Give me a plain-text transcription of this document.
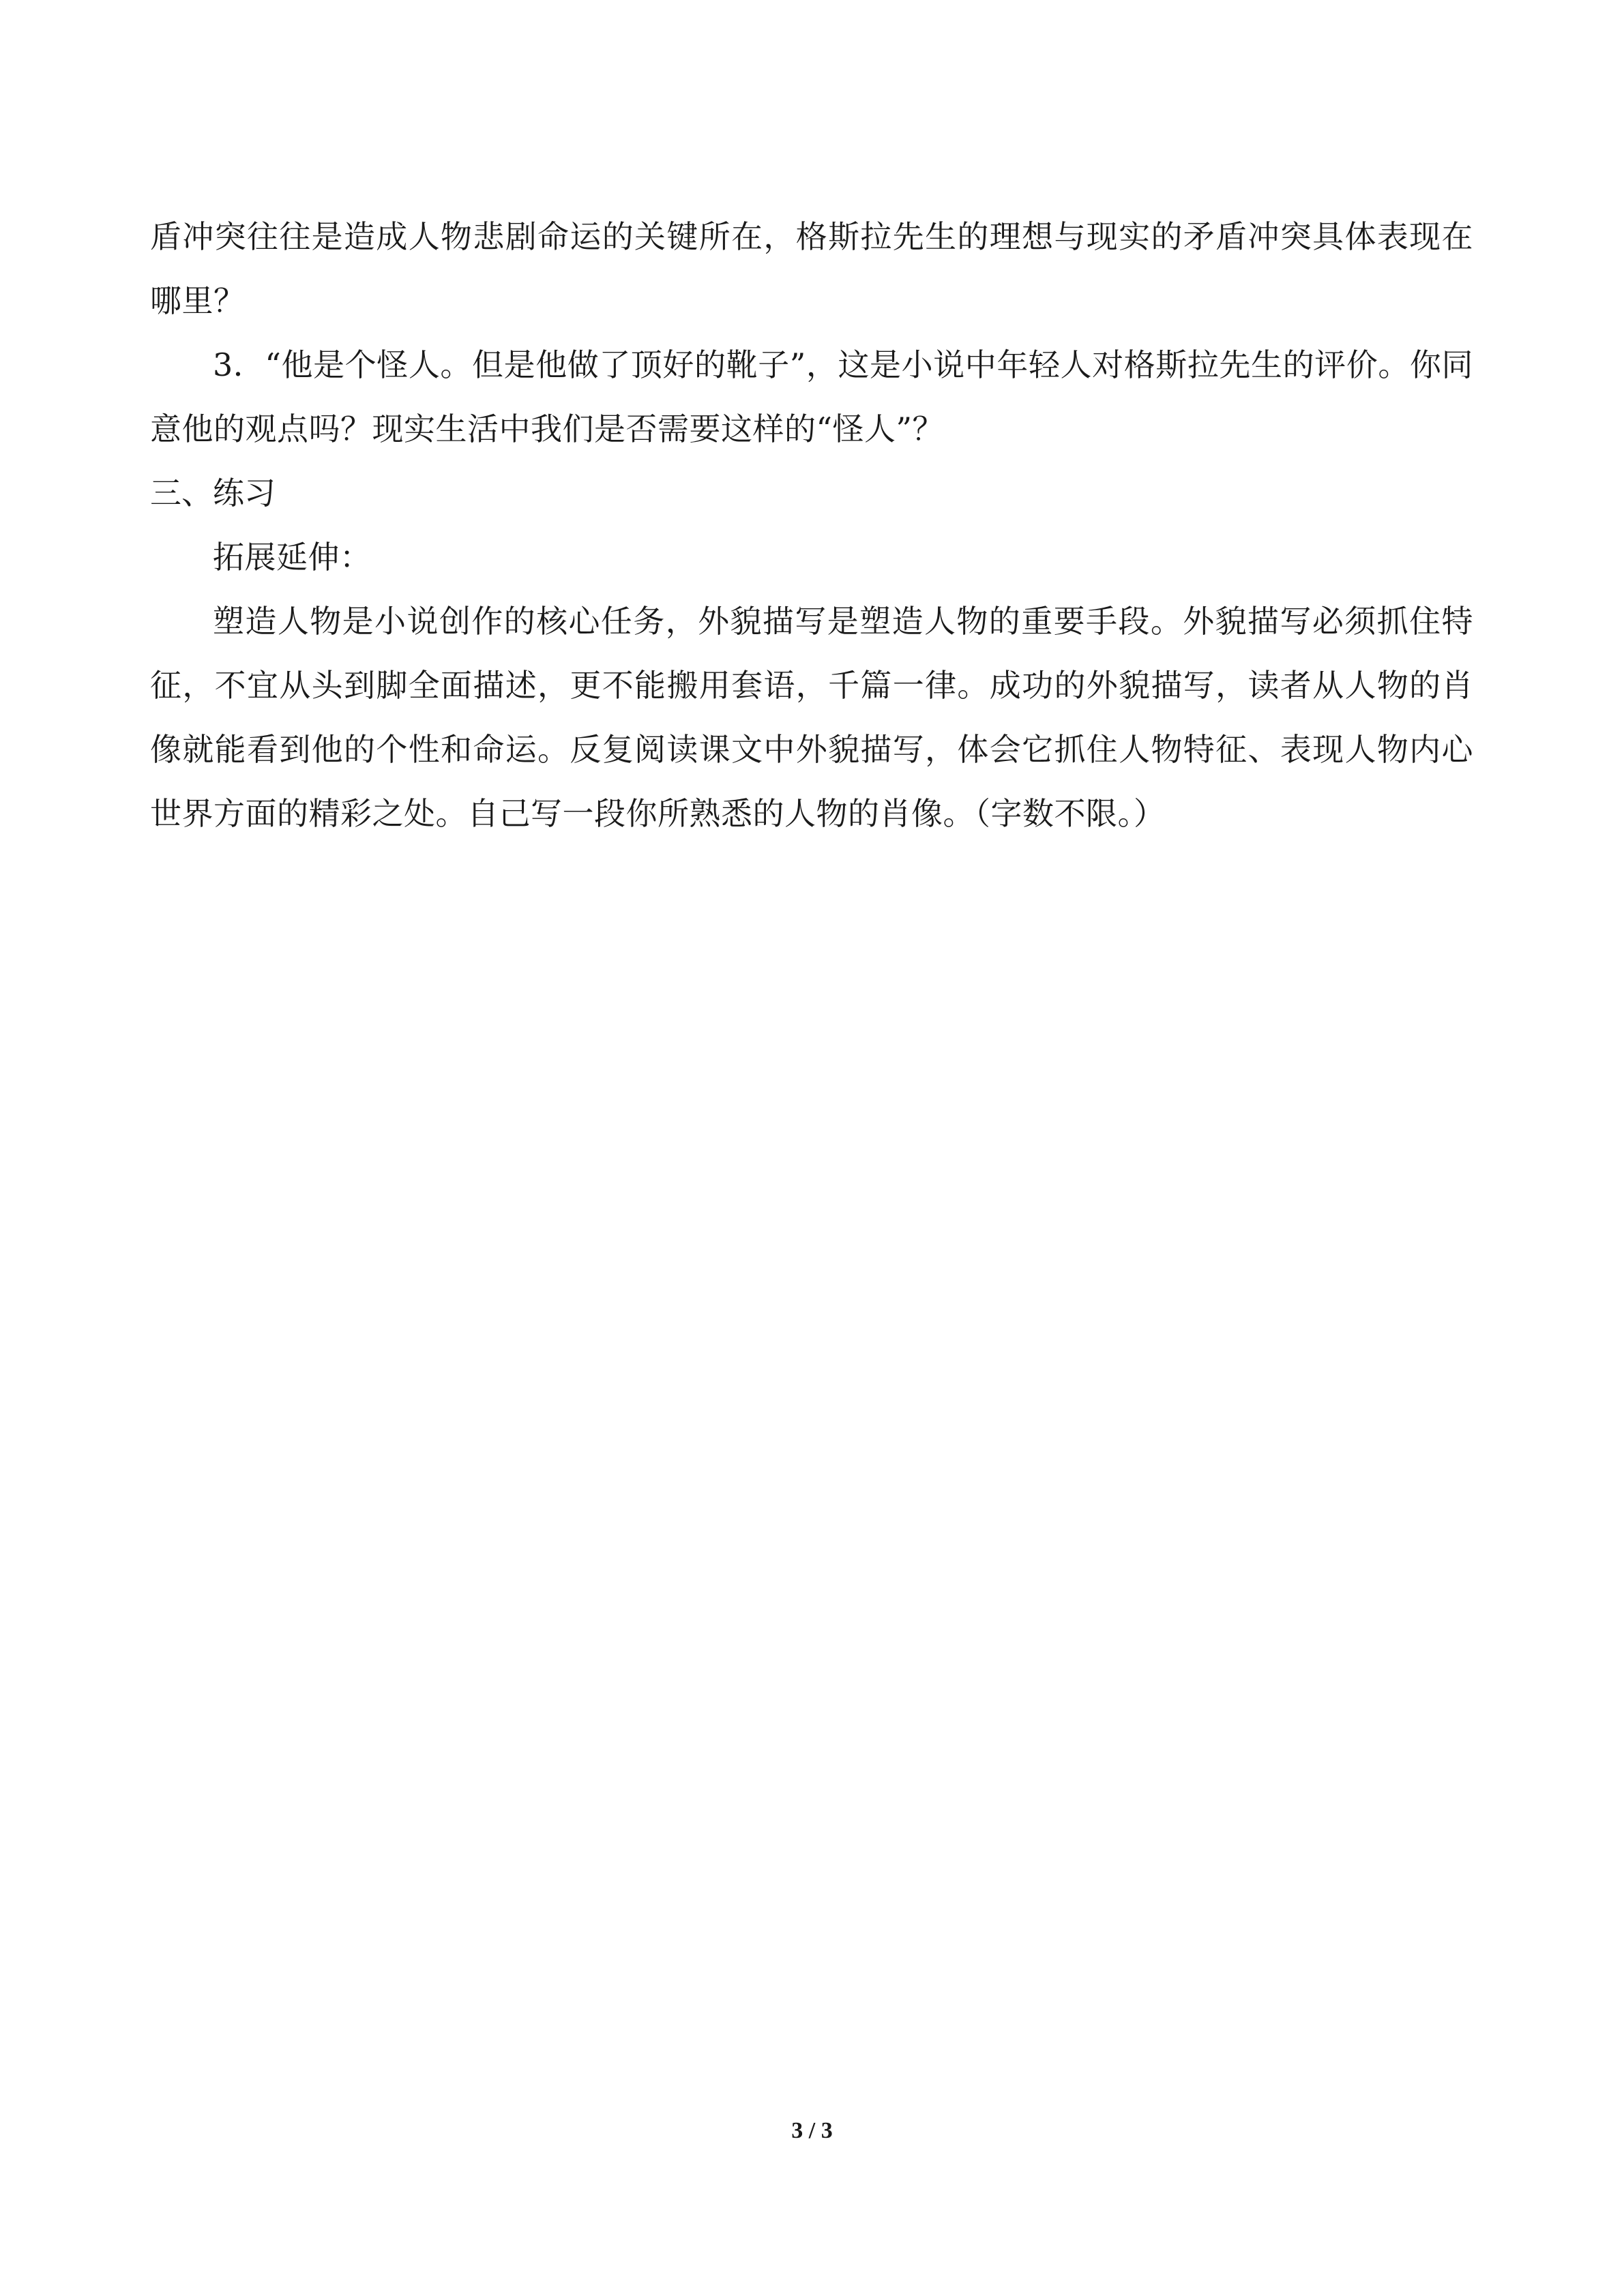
盾冲突往往是造成人物悲剧命运的关键所在，格斯拉先生的理想与现实的矛盾冲突具体表现在哪里？

3．“他是个怪人。但是他做了顶好的靴子”，这是小说中年轻人对格斯拉先生的评价。你同意他的观点吗？现实生活中我们是否需要这样的“怪人”？

三、练习

拓展延伸：

塑造人物是小说创作的核心任务，外貌描写是塑造人物的重要手段。外貌描写必须抓住特征，不宜从头到脚全面描述，更不能搬用套语，千篇一律。成功的外貌描写，读者从人物的肖像就能看到他的个性和命运。反复阅读课文中外貌描写，体会它抓住人物特征、表现人物内心世界方面的精彩之处。自己写一段你所熟悉的人物的肖像。（字数不限。）

3 / 3
